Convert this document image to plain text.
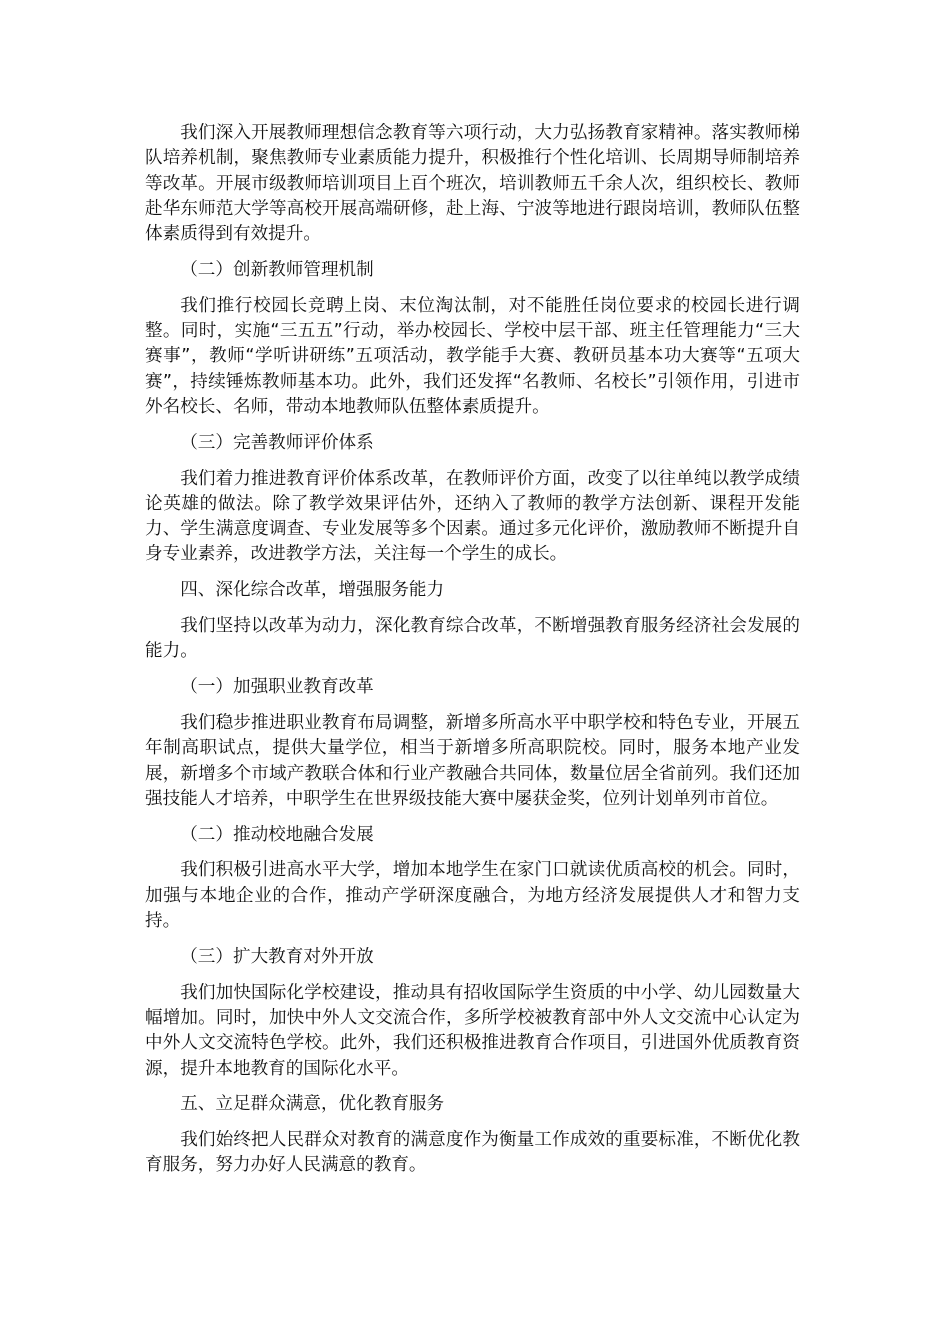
我们深入开展教师理想信念教育等六项行动，大力弘扬教育家精神。落实教师梯队培养机制，聚焦教师专业素质能力提升，积极推行个性化培训、长周期导师制培养等改革。开展市级教师培训项目上百个班次，培训教师五千余人次，组织校长、教师赴华东师范大学等高校开展高端研修，赴上海、宁波等地进行跟岗培训，教师队伍整体素质得到有效提升。

（二）创新教师管理机制

我们推行校园长竞聘上岗、末位淘汰制，对不能胜任岗位要求的校园长进行调整。同时，实施“三五五”行动，举办校园长、学校中层干部、班主任管理能力“三大赛事”，教师“学听讲研练”五项活动，教学能手大赛、教研员基本功大赛等“五项大赛”，持续锤炼教师基本功。此外，我们还发挥“名教师、名校长”引领作用，引进市外名校长、名师，带动本地教师队伍整体素质提升。

（三）完善教师评价体系

我们着力推进教育评价体系改革，在教师评价方面，改变了以往单纯以教学成绩论英雄的做法。除了教学效果评估外，还纳入了教师的教学方法创新、课程开发能力、学生满意度调查、专业发展等多个因素。通过多元化评价，激励教师不断提升自身专业素养，改进教学方法，关注每一个学生的成长。

四、深化综合改革，增强服务能力

我们坚持以改革为动力，深化教育综合改革，不断增强教育服务经济社会发展的能力。

（一）加强职业教育改革

我们稳步推进职业教育布局调整，新增多所高水平中职学校和特色专业，开展五年制高职试点，提供大量学位，相当于新增多所高职院校。同时，服务本地产业发展，新增多个市域产教联合体和行业产教融合共同体，数量位居全省前列。我们还加强技能人才培养，中职学生在世界级技能大赛中屡获金奖，位列计划单列市首位。

（二）推动校地融合发展

我们积极引进高水平大学，增加本地学生在家门口就读优质高校的机会。同时，加强与本地企业的合作，推动产学研深度融合，为地方经济发展提供人才和智力支持。

（三）扩大教育对外开放

我们加快国际化学校建设，推动具有招收国际学生资质的中小学、幼儿园数量大幅增加。同时，加快中外人文交流合作，多所学校被教育部中外人文交流中心认定为中外人文交流特色学校。此外，我们还积极推进教育合作项目，引进国外优质教育资源，提升本地教育的国际化水平。

五、立足群众满意，优化教育服务

我们始终把人民群众对教育的满意度作为衡量工作成效的重要标准，不断优化教育服务，努力办好人民满意的教育。
